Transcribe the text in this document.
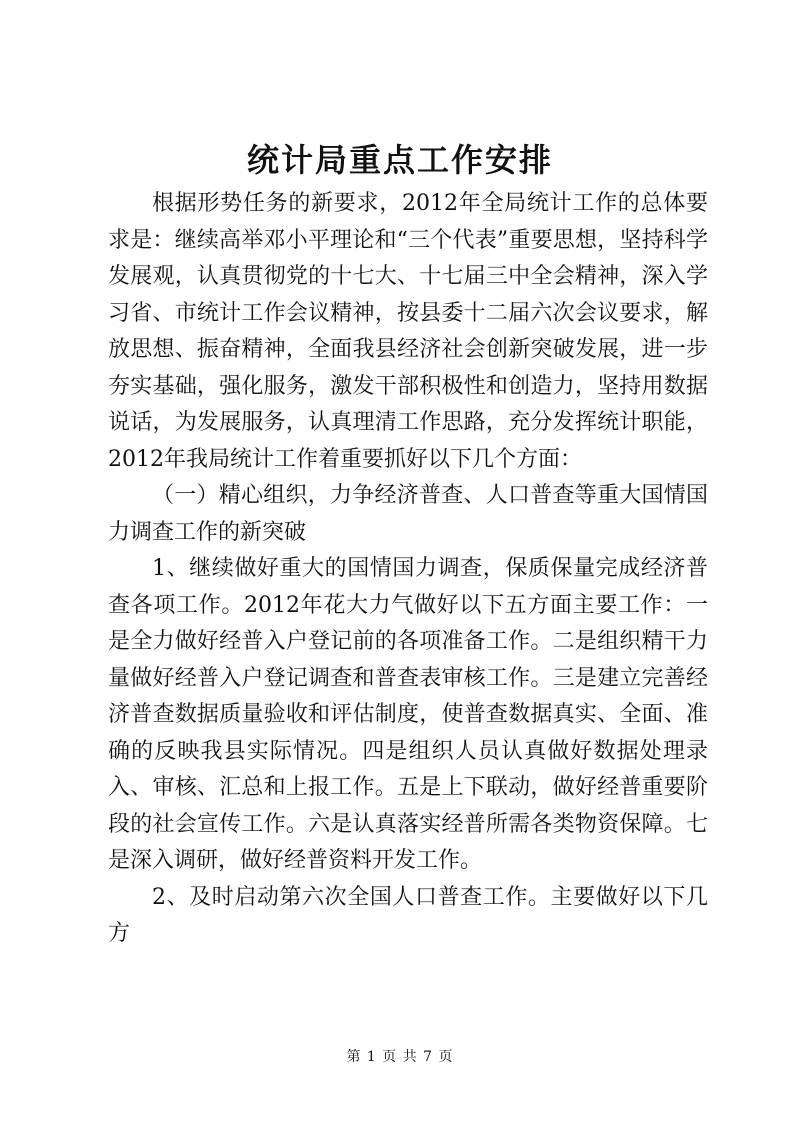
统计局重点工作安排

根据形势任务的新要求，2012年全局统计工作的总体要求是：继续高举邓小平理论和“三个代表”重要思想，坚持科学发展观，认真贯彻党的十七大、十七届三中全会精神，深入学习省、市统计工作会议精神，按县委十二届六次会议要求，解放思想、振奋精神，全面我县经济社会创新突破发展，进一步夯实基础，强化服务，激发干部积极性和创造力，坚持用数据说话，为发展服务，认真理清工作思路，充分发挥统计职能，2012年我局统计工作着重要抓好以下几个方面：

（一）精心组织，力争经济普查、人口普查等重大国情国力调查工作的新突破

1、继续做好重大的国情国力调查，保质保量完成经济普查各项工作。2012年花大力气做好以下五方面主要工作：一是全力做好经普入户登记前的各项准备工作。二是组织精干力量做好经普入户登记调查和普查表审核工作。三是建立完善经济普查数据质量验收和评估制度，使普查数据真实、全面、准确的反映我县实际情况。四是组织人员认真做好数据处理录入、审核、汇总和上报工作。五是上下联动，做好经普重要阶段的社会宣传工作。六是认真落实经普所需各类物资保障。七是深入调研，做好经普资料开发工作。

2、及时启动第六次全国人口普查工作。主要做好以下几方

第 1 页 共 7 页
